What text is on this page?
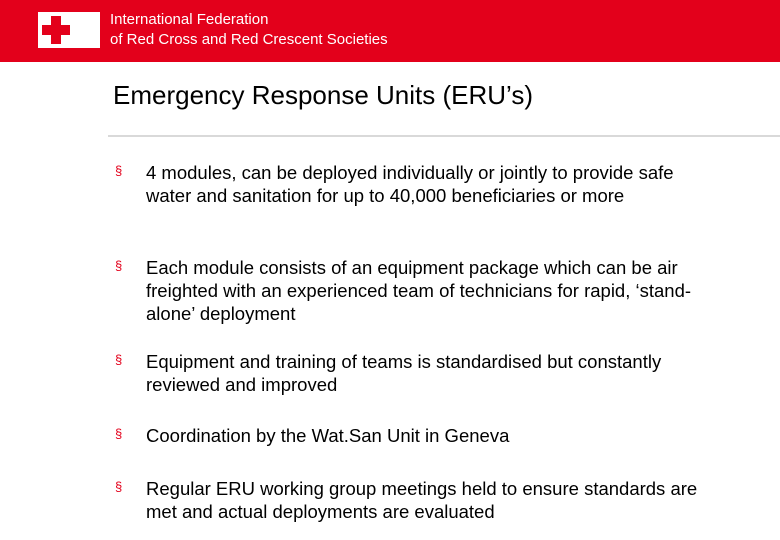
International Federation
of Red Cross and Red Crescent Societies
Emergency Response Units (ERU’s)
§ 4 modules, can be deployed individually or jointly to provide safe water and sanitation for up to 40,000 beneficiaries or more
§ Each module consists of an equipment package which can be air freighted with an experienced team of technicians for rapid, ‘stand-alone’ deployment
§ Equipment and training of teams is standardised but constantly reviewed and improved
§ Coordination by the Wat.San Unit in Geneva
§ Regular ERU working group meetings held to ensure standards are met and actual deployments are evaluated
